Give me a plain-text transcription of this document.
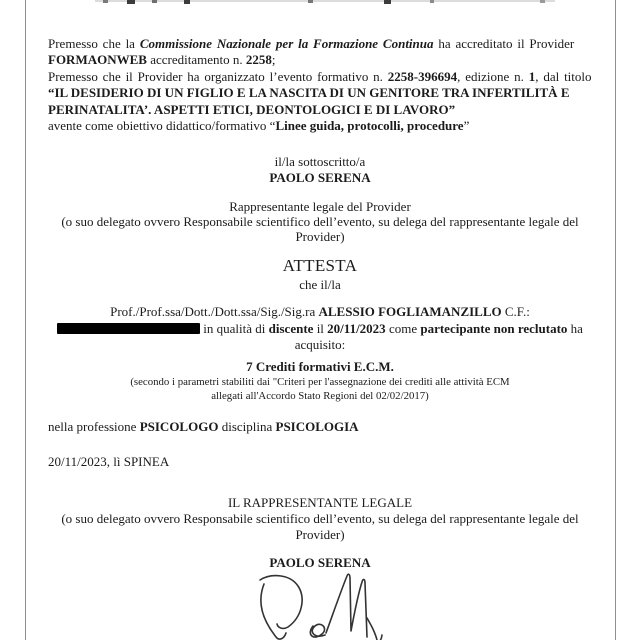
Premesso che la Commissione Nazionale per la Formazione Continua ha accreditato il Provider
FORMAONWEB accreditamento n. 2258;
Premesso che il Provider ha organizzato l’evento formativo n. 2258-396694, edizione n. 1, dal titolo
“IL DESIDERIO DI UN FIGLIO E LA NASCITA DI UN GENITORE TRA INFERTILITÀ E
PERINATALITA’. ASPETTI ETICI, DEONTOLOGICI E DI LAVORO”
avente come obiettivo didattico/formativo “Linee guida, protocolli, procedure”
il/la sottoscritto/a
PAOLO SERENA
Rappresentante legale del Provider
(o suo delegato ovvero Responsabile scientifico dell’evento, su delega del rappresentante legale del
Provider)
ATTESTA
che il/la
Prof./Prof.ssa/Dott./Dott.ssa/Sig./Sig.ra ALESSIO FOGLIAMANZILLO C.F.:
in qualità di discente il 20/11/2023 come partecipante non reclutato ha
acquisito:
7 Crediti formativi E.C.M.
(secondo i parametri stabiliti dai "Criteri per l'assegnazione dei crediti alle attività ECM
allegati all'Accordo Stato Regioni del 02/02/2017)
nella professione PSICOLOGO disciplina PSICOLOGIA
20/11/2023, lì SPINEA
IL RAPPRESENTANTE LEGALE
(o suo delegato ovvero Responsabile scientifico dell’evento, su delega del rappresentante legale del
Provider)
PAOLO SERENA
